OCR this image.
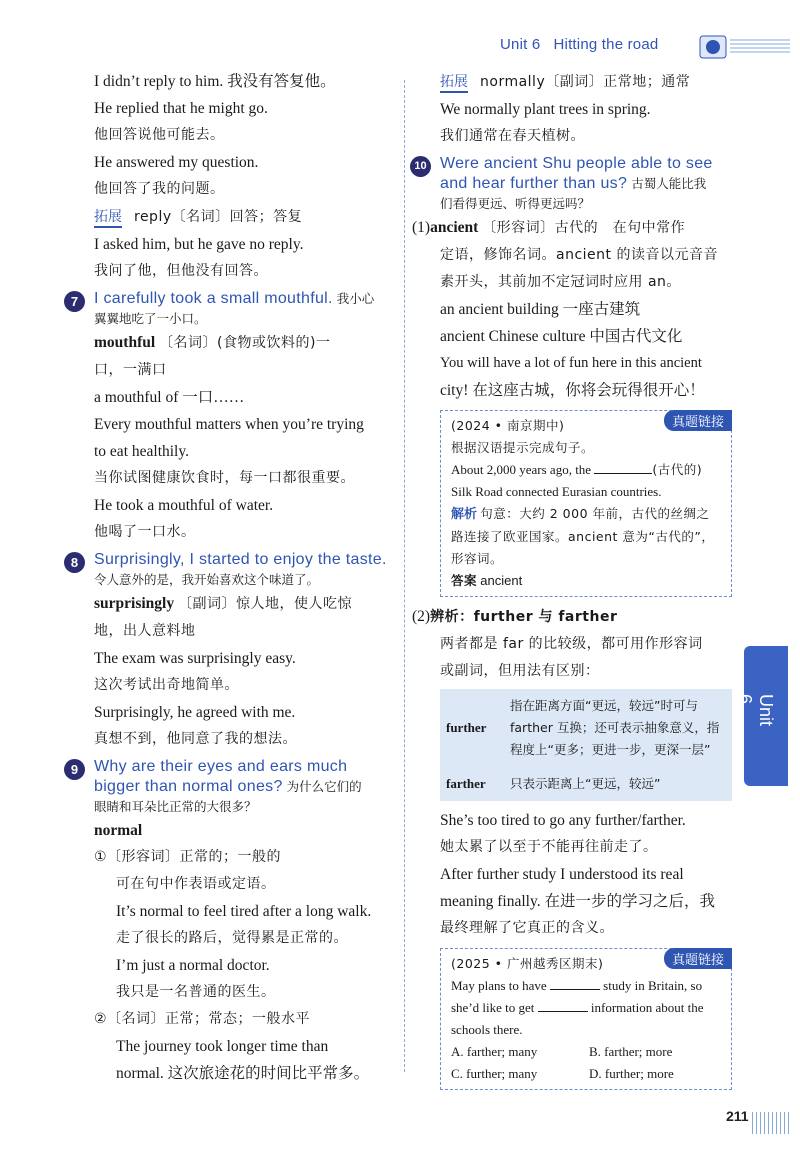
Unit 6 Hitting the road

I didn’t reply to him. 我没有答复他。

He replied that he might go.

他回答说他可能去。

He answered my question.

他回答了我的问题。

拓展 reply〔名词〕回答；答复

I asked him, but he gave no reply.

我问了他，但他没有回答。

7 I carefully took a small mouthful. 我小心
翼翼地吃了一小口。

mouthful 〔名词〕(食物或饮料的)一

口，一满口

a mouthful of 一口……

Every mouthful matters when you’re trying

to eat healthily.

当你试图健康饮食时，每一口都很重要。

He took a mouthful of water.

他喝了一口水。

8 Surprisingly, I started to enjoy the taste.
令人意外的是，我开始喜欢这个味道了。

surprisingly 〔副词〕惊人地，使人吃惊

地，出人意料地

The exam was surprisingly easy.

这次考试出奇地简单。

Surprisingly, he agreed with me.

真想不到，他同意了我的想法。

9 Why are their eyes and ears much
bigger than normal ones? 为什么它们的
眼睛和耳朵比正常的大很多？

normal

①〔形容词〕正常的；一般的

可在句中作表语或定语。

It’s normal to feel tired after a long walk.

走了很长的路后，觉得累是正常的。

I’m just a normal doctor.

我只是一名普通的医生。

②〔名词〕正常；常态；一般水平

The journey took longer time than

normal. 这次旅途花的时间比平常多。

拓展 normally〔副词〕正常地；通常

We normally plant trees in spring.

我们通常在春天植树。

10 Were ancient Shu people able to see
and hear further than us? 古蜀人能比我
们看得更远、听得更远吗？

(1)ancient 〔形容词〕古代的　在句中常作

定语，修饰名词。ancient 的读音以元音音

素开头，其前加不定冠词时应用 an。

an ancient building 一座古建筑

ancient Chinese culture 中国古代文化

You will have a lot of fun here in this ancient

city! 在这座古城，你将会玩得很开心！

真题链接

(2024 • 南京期中)

根据汉语提示完成句子。

About 2,000 years ago, the	(古代的)

Silk Road connected Eurasian countries.

解析 句意：大约 2 000 年前，古代的丝绸之

路连接了欧亚国家。ancient 意为“古代的”，

形容词。

答案 ancient

(2)辨析：further 与 farther

两者都是 far 的比较级，都可用作形容词

或副词，但用法有区别：

further	指在距离方面“更远，较远”时可与 farther 互换；还可表示抽象意义，指程度上“更多；更进一步，更深一层”
farther	只表示距离上“更远，较远”

She’s too tired to go any further/farther.

她太累了以至于不能再往前走了。

After further study I understood its real

meaning finally. 在进一步的学习之后，我

最终理解了它真正的含义。

真题链接

(2025 • 广州越秀区期末)

May plans to have	study in Britain, so

she’d like to get	information about the

schools there.

A. farther; many	B. farther; more

C. further; many	D. further; more

Unit 6
211
